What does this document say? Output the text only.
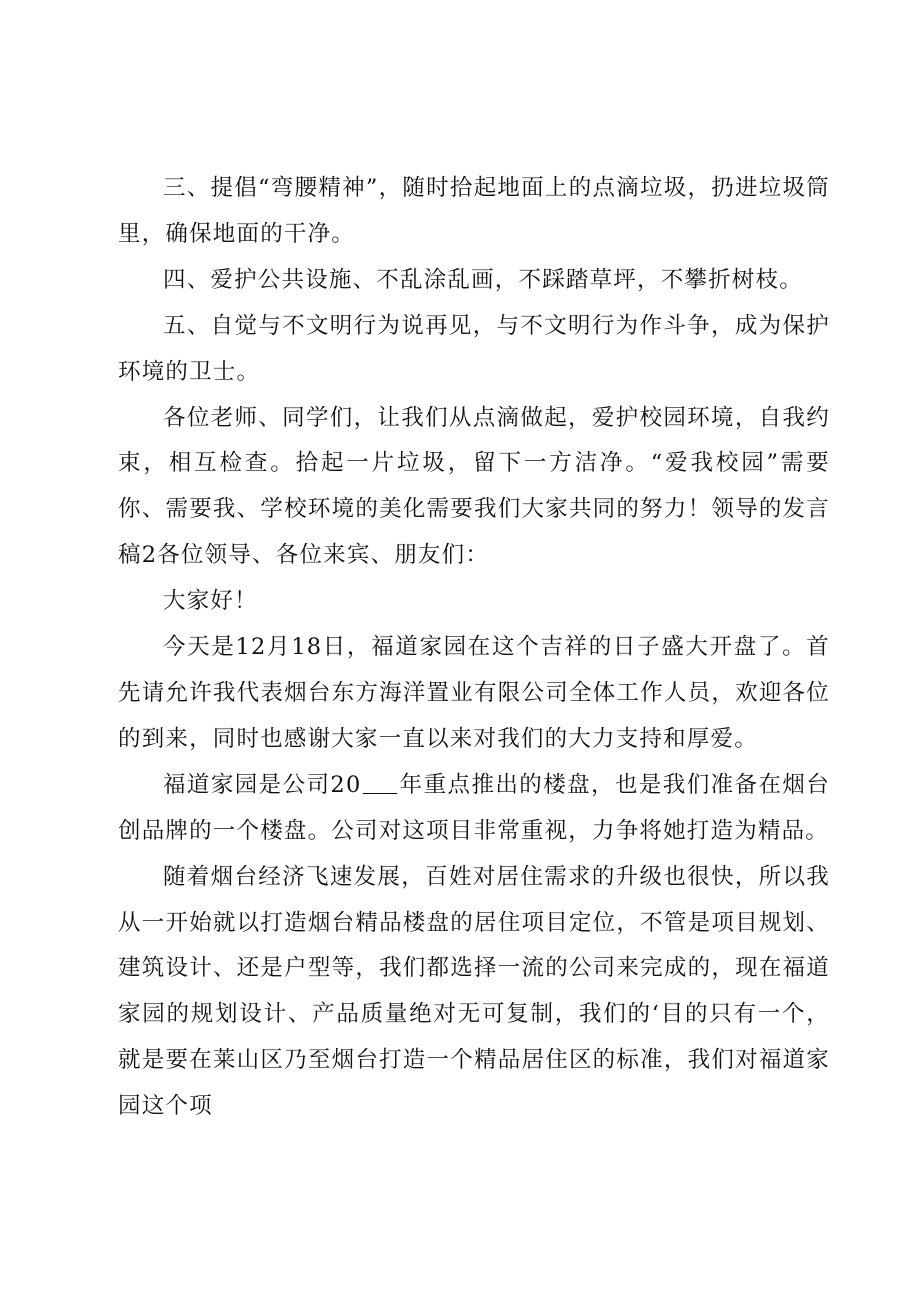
三、提倡“弯腰精神”，随时拾起地面上的点滴垃圾，扔进垃圾筒里，确保地面的干净。

四、爱护公共设施、不乱涂乱画，不踩踏草坪，不攀折树枝。

五、自觉与不文明行为说再见，与不文明行为作斗争，成为保护环境的卫士。

各位老师、同学们，让我们从点滴做起，爱护校园环境，自我约束，相互检查。拾起一片垃圾，留下一方洁净。“爱我校园”需要你、需要我、学校环境的美化需要我们大家共同的努力！领导的发言稿2各位领导、各位来宾、朋友们：

大家好！

今天是12月18日，福道家园在这个吉祥的日子盛大开盘了。首先请允许我代表烟台东方海洋置业有限公司全体工作人员，欢迎各位的到来，同时也感谢大家一直以来对我们的大力支持和厚爱。

福道家园是公司20 年重点推出的楼盘，也是我们准备在烟台创品牌的一个楼盘。公司对这项目非常重视，力争将她打造为精品。

随着烟台经济飞速发展，百姓对居住需求的升级也很快，所以我从一开始就以打造烟台精品楼盘的居住项目定位，不管是项目规划、建筑设计、还是户型等，我们都选择一流的公司来完成的，现在福道家园的规划设计、产品质量绝对无可复制，我们的‘目的只有一个，就是要在莱山区乃至烟台打造一个精品居住区的标准，我们对福道家园这个项
